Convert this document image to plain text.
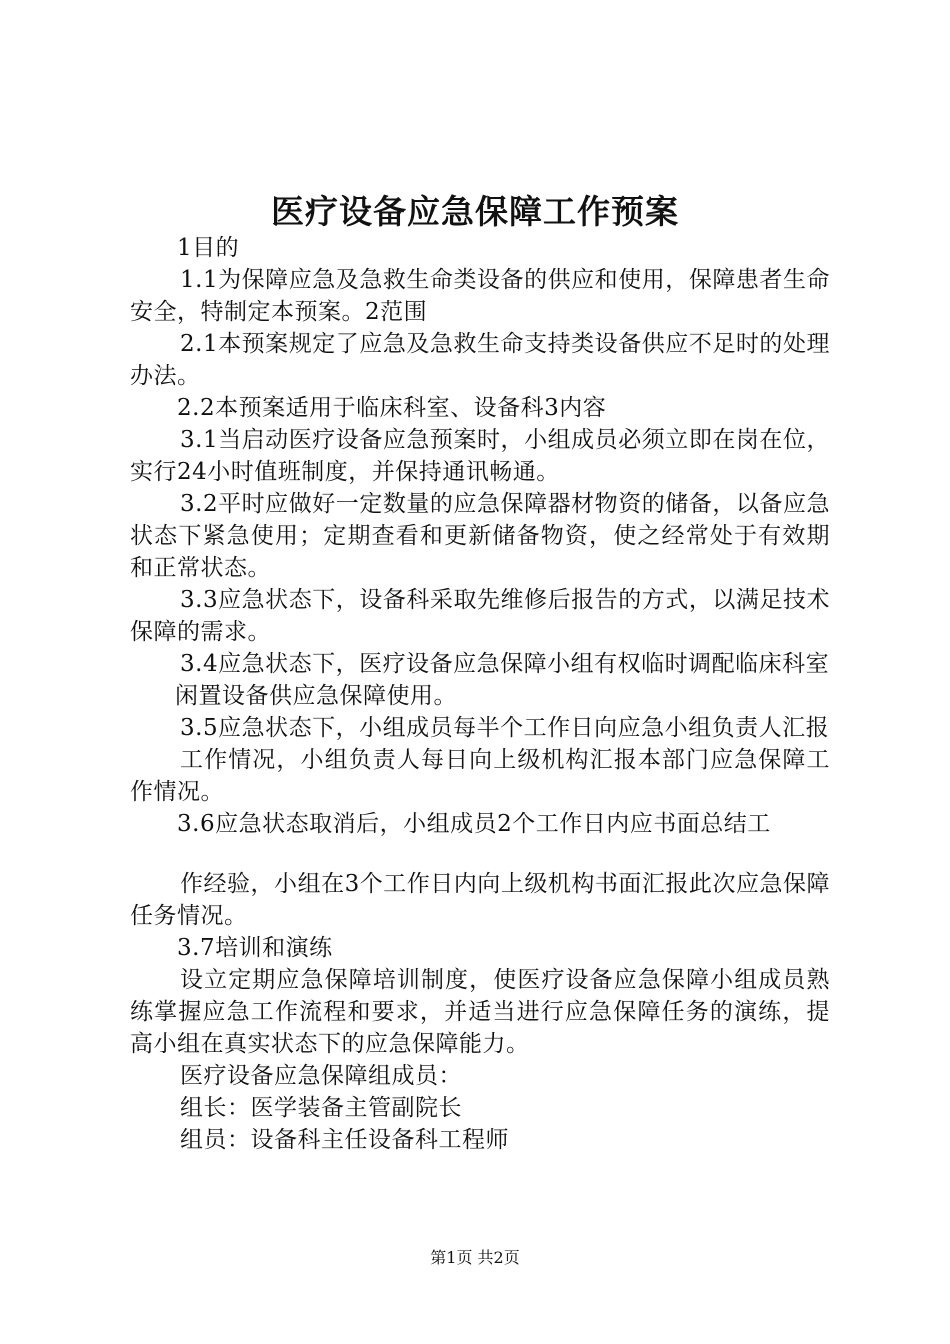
医疗设备应急保障工作预案

1目的

1.1为保障应急及急救生命类设备的供应和使用，保障患者生命安全，特制定本预案。2范围

2.1本预案规定了应急及急救生命支持类设备供应不足时的处理办法。

2.2本预案适用于临床科室、设备科3内容

3.1当启动医疗设备应急预案时，小组成员必须立即在岗在位，实行24小时值班制度，并保持通讯畅通。

3.2平时应做好一定数量的应急保障器材物资的储备，以备应急状态下紧急使用；定期查看和更新储备物资，使之经常处于有效期和正常状态。

3.3应急状态下，设备科采取先维修后报告的方式，以满足技术保障的需求。

3.4应急状态下，医疗设备应急保障小组有权临时调配临床科室

闲置设备供应急保障使用。

3.5应急状态下，小组成员每半个工作日向应急小组负责人汇报

工作情况，小组负责人每日向上级机构汇报本部门应急保障工作情况。

3.6应急状态取消后，小组成员2个工作日内应书面总结工

作经验，小组在3个工作日内向上级机构书面汇报此次应急保障任务情况。

3.7培训和演练

设立定期应急保障培训制度，使医疗设备应急保障小组成员熟练掌握应急工作流程和要求，并适当进行应急保障任务的演练，提高小组在真实状态下的应急保障能力。

医疗设备应急保障组成员：

组长：医学装备主管副院长

组员：设备科主任设备科工程师

第1页 共2页
